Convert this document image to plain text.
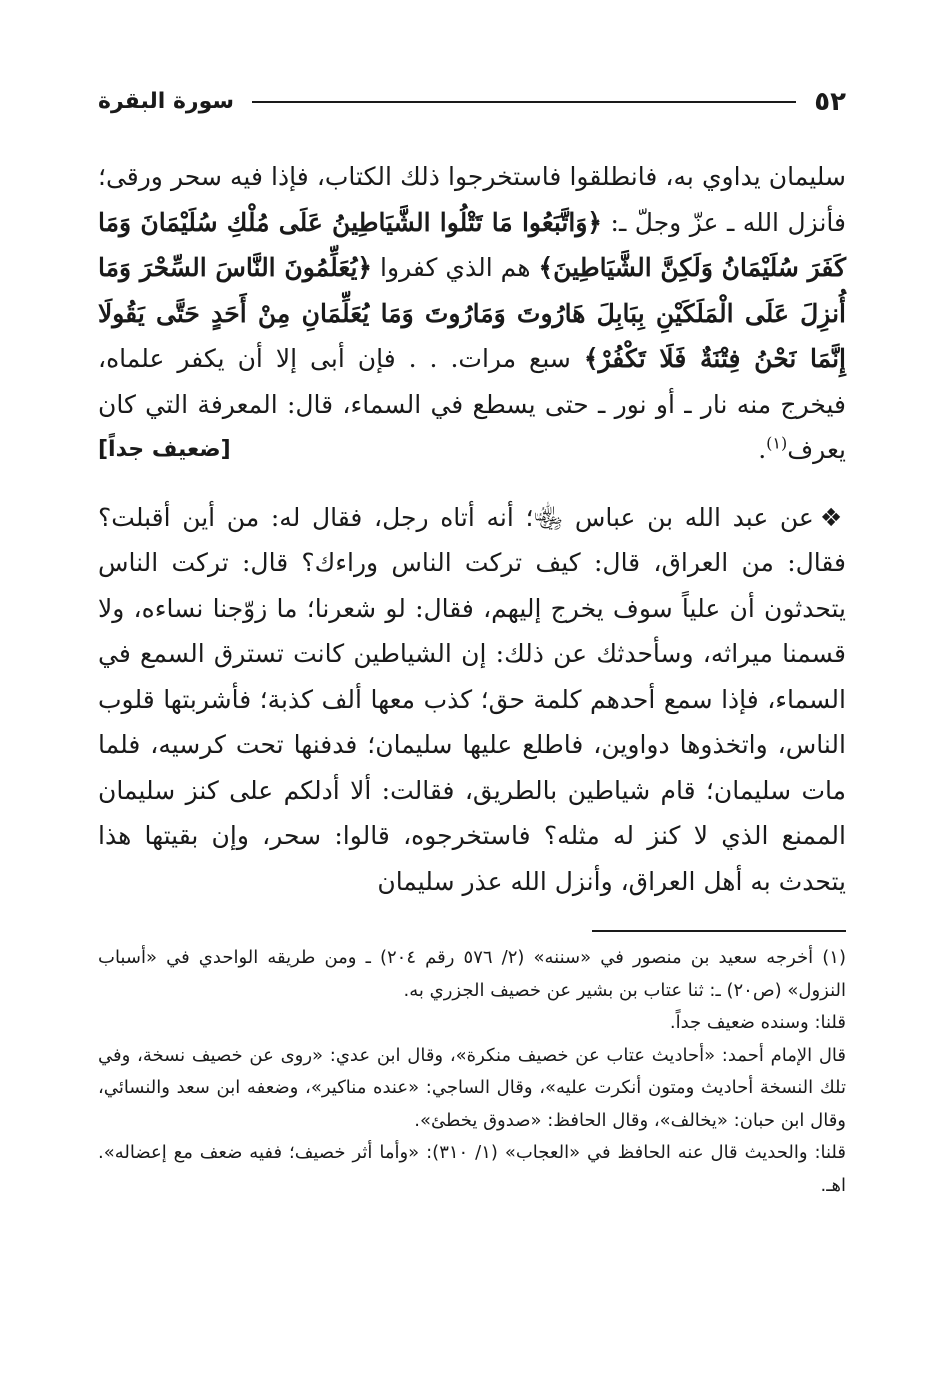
٥٢
سورة البقرة

سليمان يداوي به، فانطلقوا فاستخرجوا ذلك الكتاب، فإذا فيه سحر ورقى؛ فأنزل الله ـ عزّ وجلّ ـ: ﴿وَاتَّبَعُوا مَا تَتْلُوا الشَّيَاطِينُ عَلَى مُلْكِ سُلَيْمَانَ وَمَا كَفَرَ سُلَيْمَانُ وَلَكِنَّ الشَّيَاطِينَ﴾ هم الذي كفروا ﴿يُعَلِّمُونَ النَّاسَ السِّحْرَ وَمَا أُنزِلَ عَلَى الْمَلَكَيْنِ بِبَابِلَ هَارُوتَ وَمَارُوتَ وَمَا يُعَلِّمَانِ مِنْ أَحَدٍ حَتَّى يَقُولَا إِنَّمَا نَحْنُ فِتْنَةٌ فَلَا تَكْفُرْ﴾ سبع مرات. . . فإن أبى إلا أن يكفر علماه، فيخرج منه نار ـ أو نور ـ حتى يسطع في السماء، قال: المعرفة التي كان يعرف$^{(١)}$.
[ضعيف جداً]

❖عن عبد الله بن عباس ﵄؛ أنه أتاه رجل، فقال له: من أين أقبلت؟ فقال: من العراق، قال: كيف تركت الناس وراءك؟ قال: تركت الناس يتحدثون أن علياً سوف يخرج إليهم، فقال: لو شعرنا؛ ما زوّجنا نساءه، ولا قسمنا ميراثه، وسأحدثك عن ذلك: إن الشياطين كانت تسترق السمع في السماء، فإذا سمع أحدهم كلمة حق؛ كذب معها ألف كذبة؛ فأشربتها قلوب الناس، واتخذوها دواوين، فاطلع عليها سليمان؛ فدفنها تحت كرسيه، فلما مات سليمان؛ قام شياطين بالطريق، فقالت: ألا أدلكم على كنز سليمان الممنع الذي لا كنز له مثله؟ فاستخرجوه، قالوا: سحر، وإن بقيتها هذا يتحدث به أهل العراق، وأنزل الله عذر سليمان

(١) أخرجه سعيد بن منصور في «سننه» (٢/ ٥٧٦ رقم ٢٠٤) ـ ومن طريقه الواحدي في «أسباب النزول» (ص٢٠) ـ: ثنا عتاب بن بشير عن خصيف الجزري به.

قلنا: وسنده ضعيف جداً.

قال الإمام أحمد: «أحاديث عتاب عن خصيف منكرة»، وقال ابن عدي: «روى عن خصيف نسخة، وفي تلك النسخة أحاديث ومتون أنكرت عليه»، وقال الساجي: «عنده مناكير»، وضعفه ابن سعد والنسائي، وقال ابن حبان: «يخالف»، وقال الحافظ: «صدوق يخطئ».

قلنا: والحديث قال عنه الحافظ في «العجاب» (١/ ٣١٠): «وأما أثر خصيف؛ ففيه ضعف مع إعضاله». اهـ.
